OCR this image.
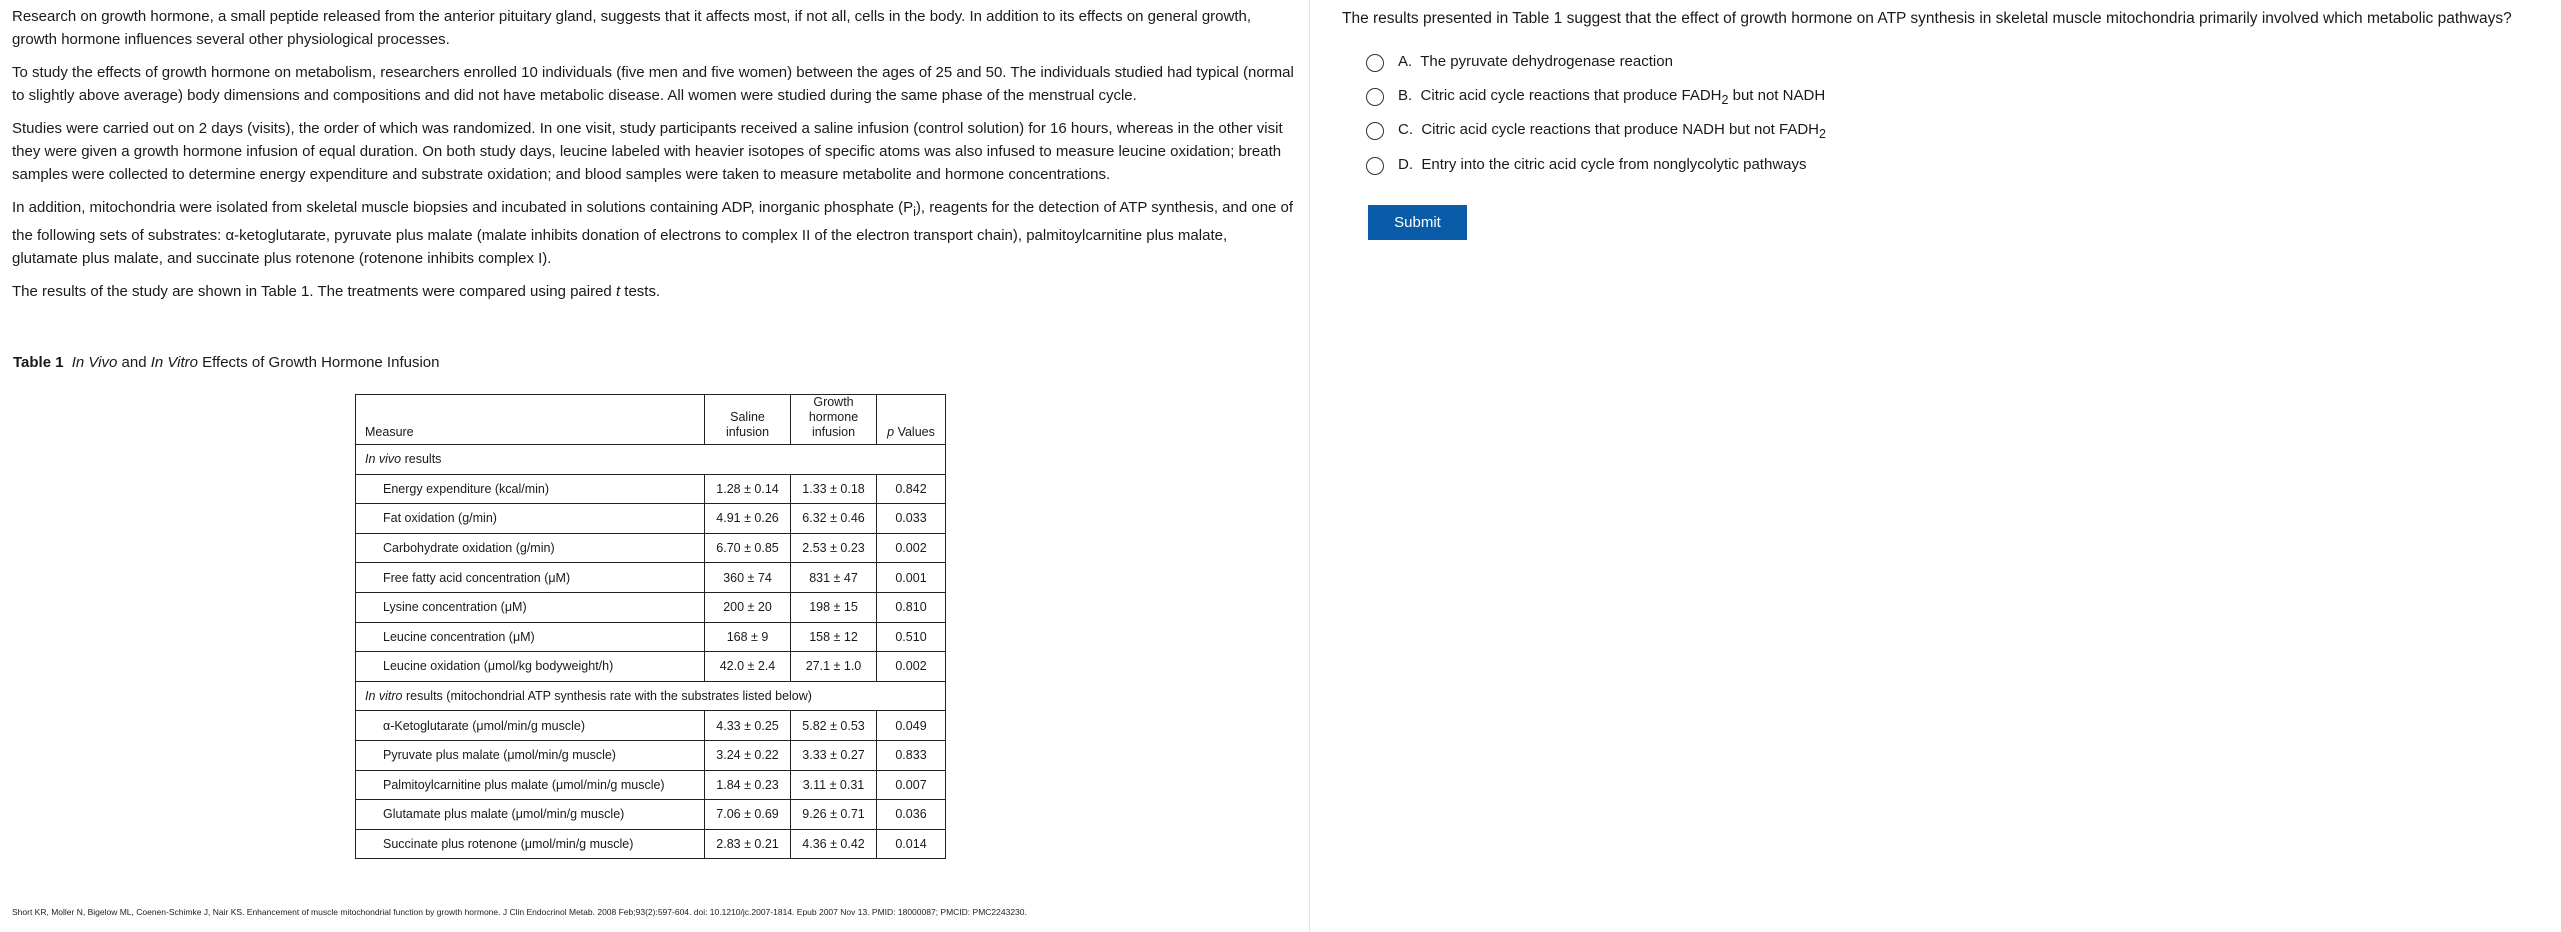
Research on growth hormone, a small peptide released from the anterior pituitary gland, suggests that it affects most, if not all, cells in the body. In addition to its effects on general growth, growth hormone influences several other physiological processes.

To study the effects of growth hormone on metabolism, researchers enrolled 10 individuals (five men and five women) between the ages of 25 and 50. The individuals studied had typical (normal to slightly above average) body dimensions and compositions and did not have metabolic disease. All women were studied during the same phase of the menstrual cycle.

Studies were carried out on 2 days (visits), the order of which was randomized. In one visit, study participants received a saline infusion (control solution) for 16 hours, whereas in the other visit they were given a growth hormone infusion of equal duration. On both study days, leucine labeled with heavier isotopes of specific atoms was also infused to measure leucine oxidation; breath samples were collected to determine energy expenditure and substrate oxidation; and blood samples were taken to measure metabolite and hormone concentrations.

In addition, mitochondria were isolated from skeletal muscle biopsies and incubated in solutions containing ADP, inorganic phosphate $(P_i)$, reagents for the detection of ATP synthesis, and one of the following sets of substrates: α-ketoglutarate, pyruvate plus malate (malate inhibits donation of electrons to complex II of the electron transport chain), palmitoylcarnitine plus malate, glutamate plus malate, and succinate plus rotenone (rotenone inhibits complex I).

The results of the study are shown in Table 1. The treatments were compared using paired t tests.

Table 1 In Vivo and In Vitro Effects of Growth Hormone Infusion
Measure	Saline infusion	Growth hormone infusion	p Values
In vivo results			
Energy expenditure (kcal/min)	1.28 ± 0.14	1.33 ± 0.18	0.842
Fat oxidation (g/min)	4.91 ± 0.26	6.32 ± 0.46	0.033
Carbohydrate oxidation (g/min)	6.70 ± 0.85	2.53 ± 0.23	0.002
Free fatty acid concentration (μM)	360 ± 74	831 ± 47	0.001
Lysine concentration (μM)	200 ± 20	198 ± 15	0.810
Leucine concentration (μM)	168 ± 9	158 ± 12	0.510
Leucine oxidation (μmol/kg bodyweight/h)	42.0 ± 2.4	27.1 ± 1.0	0.002
In vitro results (mitochondrial ATP synthesis rate with the substrates listed below)			
α-Ketoglutarate (μmol/min/g muscle)	4.33 ± 0.25	5.82 ± 0.53	0.049
Pyruvate plus malate (μmol/min/g muscle)	3.24 ± 0.22	3.33 ± 0.27	0.833
Palmitoylcarnitine plus malate (μmol/min/g muscle)	1.84 ± 0.23	3.11 ± 0.31	0.007
Glutamate plus malate (μmol/min/g muscle)	7.06 ± 0.69	9.26 ± 0.71	0.036
Succinate plus rotenone (μmol/min/g muscle)	2.83 ± 0.21	4.36 ± 0.42	0.014
Short KR, Moller N, Bigelow ML, Coenen-Schimke J, Nair KS. Enhancement of muscle mitochondrial function by growth hormone. J Clin Endocrinol Metab. 2008 Feb;93(2):597-604. doi: 10.1210/jc.2007-1814. Epub 2007 Nov 13. PMID: 18000087; PMCID: PMC2243230.
The results presented in Table 1 suggest that the effect of growth hormone on ATP synthesis in skeletal muscle mitochondria primarily involved which metabolic pathways?
A. The pyruvate dehydrogenase reaction
B. Citric acid cycle reactions that produce $FADH_2$ but not NADH
C. Citric acid cycle reactions that produce NADH but not $FADH_2$
D. Entry into the citric acid cycle from nonglycolytic pathways
Submit
